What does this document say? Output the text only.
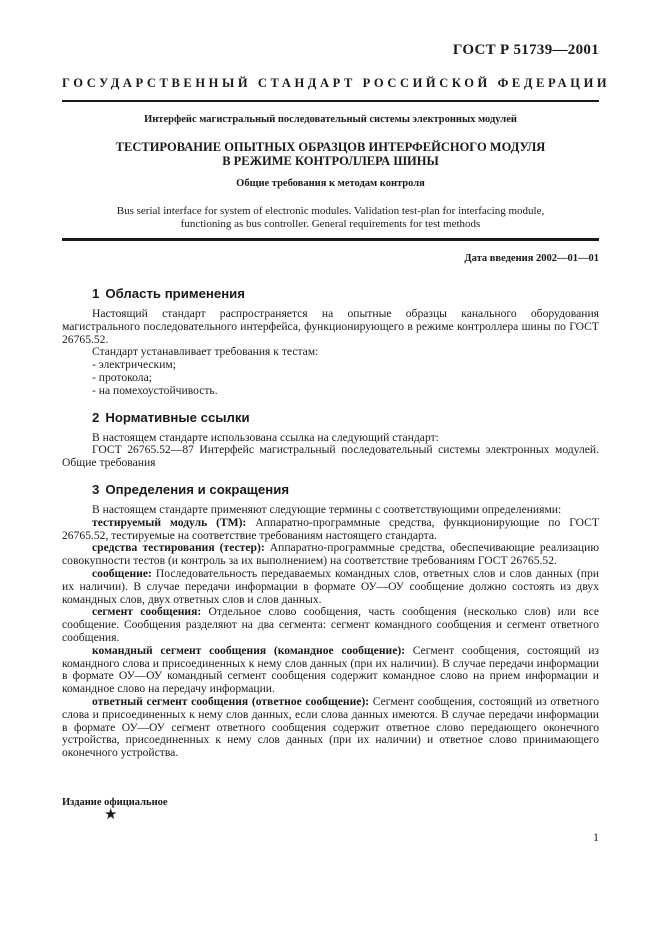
ГОСТ Р 51739—2001
ГОСУДАРСТВЕННЫЙ СТАНДАРТ РОССИЙСКОЙ ФЕДЕРАЦИИ
Интерфейс магистральный последовательный системы электронных модулей
ТЕСТИРОВАНИЕ ОПЫТНЫХ ОБРАЗЦОВ ИНТЕРФЕЙСНОГО МОДУЛЯ
В РЕЖИМЕ КОНТРОЛЛЕРА ШИНЫ
Общие требования к методам контроля
Bus serial interface for system of electronic modules. Validation test-plan for interfacing module,
functioning as bus controller. General requirements for test methods
Дата введения 2002—01—01
1 Область применения

Настоящий стандарт распространяется на опытные образцы канального оборудования магистрального последовательного интерфейса, функционирующего в режиме контроллера шины по ГОСТ 26765.52.

Стандарт устанавливает требования к тестам:

- электрическим;

- протокола;

- на помехоустойчивость.

2 Нормативные ссылки

В настоящем стандарте использована ссылка на следующий стандарт:

ГОСТ 26765.52—87 Интерфейс магистральный последовательный системы электронных модулей. Общие требования

3 Определения и сокращения

В настоящем стандарте применяют следующие термины с соответствующими определениями:

тестируемый модуль (ТМ): Аппаратно-программные средства, функционирующие по ГОСТ 26765.52, тестируемые на соответствие требованиям настоящего стандарта.

средства тестирования (тестер): Аппаратно-программные средства, обеспечивающие реализацию совокупности тестов (и контроль за их выполнением) на соответствие требованиям ГОСТ 26765.52.

сообщение: Последовательность передаваемых командных слов, ответных слов и слов данных (при их наличии). В случае передачи информации в формате ОУ—ОУ сообщение должно состоять из двух командных слов, двух ответных слов и слов данных.

сегмент сообщения: Отдельное слово сообщения, часть сообщения (несколько слов) или все сообщение. Сообщения разделяют на два сегмента: сегмент командного сообщения и сегмент ответного сообщения.

командный сегмент сообщения (командное сообщение): Сегмент сообщения, состоящий из командного слова и присоединенных к нему слов данных (при их наличии). В случае передачи информации в формате ОУ—ОУ командный сегмент сообщения содержит командное слово на прием информации и командное слово на передачу информации.

ответный сегмент сообщения (ответное сообщение): Сегмент сообщения, состоящий из ответного слова и присоединенных к нему слов данных, если слова данных имеются. В случае передачи информации в формате ОУ—ОУ сегмент ответного сообщения содержит ответное слово передающего оконечного устройства, присоединенных к нему слов данных (при их наличии) и ответное слово принимающего оконечного устройства.

Издание официальное
★
1
